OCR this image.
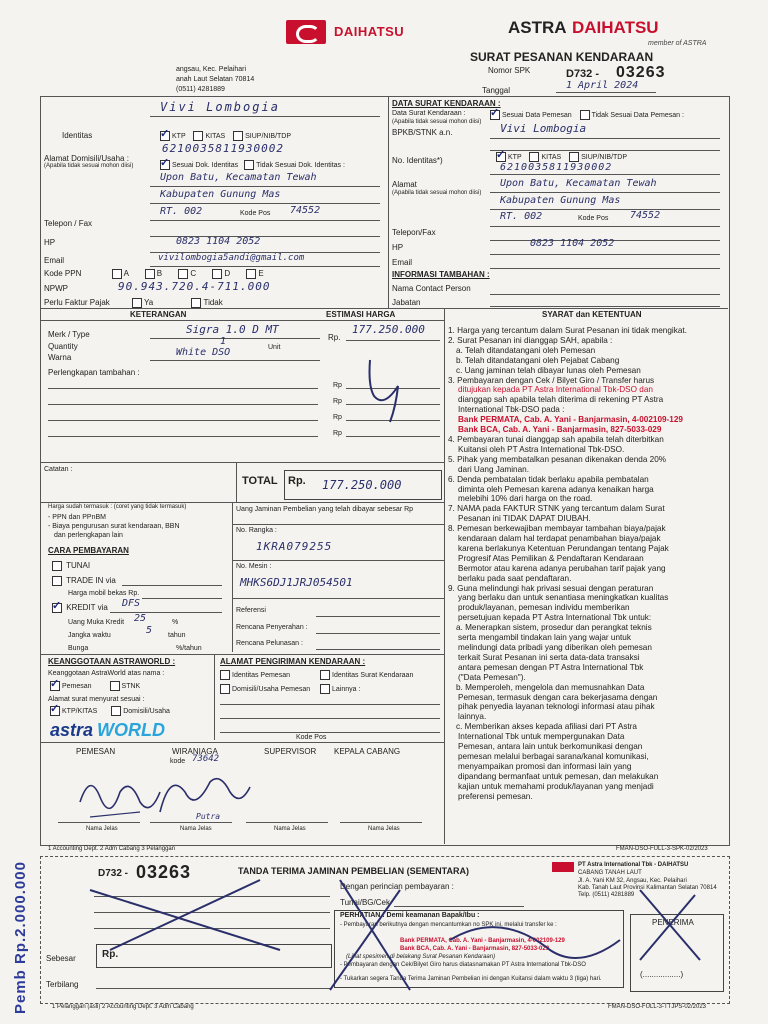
DAIHATSU	ASTRA DAIHATSU
member of ASTRA
SURAT PESANAN KENDARAAN
Nomor SPK	D732 - 03263
Tanggal	1 April 2024
angsau, Kec. Pelaihari
anah Laut Selatan 70814
(0511) 4281889
Vivi Lombogia
Identitas ✓	KTP	KITAS	SIUP/NIB/TDP
6210035811930002
Alamat Domisili/Usaha :
(Apabila tidak sesuai mohon diisi) ✓	Sesuai Dok. Identitas	Tidak Sesuai Dok. Identitas :
Upon Batu, Kecamatan Tewah
Kabupaten Gunung Mas
RT. 002	Kode Pos 74552
Telepon / Fax
HP	0823 1104 2052
Email	vivilombogia5andi@gmail.com
Kode PPN	A	B	C	D	E
NPWP	90.943.720.4-711.000
Perlu Faktur Pajak	Ya	Tidak
DATA SURAT KENDARAAN :
Data Surat Kendaraan :
(Apabila tidak sesuai mohon diisi)
✓Sesuai Data Pemesan	Tidak Sesuai Data Pemesan :
BPKB/STNK a.n.	Vivi Lombogia
No. Identitas*) ✓	KTP	KITAS	SIUP/NIB/TDP
6210035811930002
Alamat
(Apabila tidak sesuai mohon diisi)
Upon Batu, Kecamatan Tewah
Kabupaten Gunung Mas
RT. 002	Kode Pos 74552
Telepon/Fax
HP	0823 1104 2052
Email
INFORMASI TAMBAHAN :
Nama Contact Person
Jabatan
KETERANGAN	ESTIMASI HARGA	SYARAT dan KETENTUAN
Merk / Type	Sigra 1.0 D MT
Rp.
177.250.000
Quantity	1
Unit
Warna	White DSO
Perlengkapan tambahan :
Rp
Rp
Rp
Rp
Catatan :
TOTAL Rp. 177.250.000
Harga sudah termasuk : (coret yang tidak termasuk)
- PPN dan PPnBM
- Biaya pengurusan surat kendaraan, BBN
dan perlengkapan lain
Uang Jaminan Pembelian yang telah dibayar sebesar Rp
No. Rangka :
1KRA079255
No. Mesin :
MHKS6DJ1JRJ054501
Referensi
Rencana Penyerahan :
Rencana Pelunasan :
CARA PEMBAYARAN
TUNAI
TRADE IN via
Harga mobil bekas Rp.
✓ KREDIT via DFS
Uang Muka Kredit 25	%
Jangka waktu	5 tahun
Bunga	%/tahun
KEANGGOTAAN ASTRAWORLD :
Keanggotaan AstraWorld atas nama :
✓Pemesan	STNK
Alamat surat menyurat sesuai :
✓KTP/KITAS	Domisili/Usaha
astra WORLD
ALAMAT PENGIRIMAN KENDARAAN :
Identitas Pemesan	Identitas Surat Kendaraan
Domisili/Usaha Pemesan	Lainnya :
Kode Pos
PEMESAN	WIRANIAGA
kode 73642
SUPERVISOR KEPALA CABANG
Putra
Nama Jelas	Nama Jelas	Nama Jelas	Nama Jelas
1. Harga yang tercantum dalam Surat Pesanan ini tidak mengikat.
2. Surat Pesanan ini dianggap SAH, apabila :
a. Telah ditandatangani oleh Pemesan
b. Telah ditandatangani oleh Pejabat Cabang
c. Uang jaminan telah dibayar lunas oleh Pemesan
3. Pembayaran dengan Cek / Bilyet Giro / Transfer harus
ditujukan kepada PT Astra International Tbk-DSO dan
dianggap sah apabila telah diterima di rekening PT Astra
International Tbk-DSO pada :
Bank PERMATA, Cab. A. Yani - Banjarmasin, 4-002109-129
Bank BCA, Cab. A. Yani - Banjarmasin, 827-5033-029
4. Pembayaran tunai dianggap sah apabila telah diterbitkan
Kuitansi oleh PT Astra International Tbk-DSO.
5. Pihak yang membatalkan pesanan dikenakan denda 20%
dari Uang Jaminan.
6. Denda pembatalan tidak berlaku apabila pembatalan
diminta oleh Pemesan karena adanya kenaikan harga
melebihi 10% dari harga on the road.
7. NAMA pada FAKTUR STNK yang tercantum dalam Surat
Pesanan ini TIDAK DAPAT DIUBAH.
8. Pemesan berkewajiban membayar tambahan biaya/pajak
kendaraan dalam hal terdapat penambahan biaya/pajak
karena berlakunya Ketentuan Perundangan tentang Pajak
Progresif Atas Pemilikan & Pendaftaran Kendaraan
Bermotor atau karena adanya perubahan tarif pajak yang
berlaku pada saat pendaftaran.
9. Guna melindungi hak privasi sesuai dengan peraturan
yang berlaku dan untuk senantiasa meningkatkan kualitas
produk/layanan, pemesan individu memberikan
persetujuan kepada PT Astra International Tbk untuk:
a. Menerapkan sistem, prosedur dan perangkat teknis
serta mengambil tindakan lain yang wajar untuk
melindungi data pribadi yang diberikan oleh pemesan
terkait Surat Pesanan ini serta data-data transaksi
antara pemesan dengan PT Astra International Tbk
("Data Pemesan").
b. Memperoleh, mengelola dan memusnahkan Data
Pemesan, termasuk dengan cara bekerjasama dengan
pihak penyedia layanan teknologi informasi atau pihak
lainnya.
c. Memberikan akses kepada afiliasi dari PT Astra
International Tbk untuk mempergunakan Data
Pemesan, antara lain untuk berkomunikasi dengan
pemesan melalui berbagai sarana/kanal komunikasi,
menyampaikan promosi dan informasi lain yang
dipandang bermanfaat untuk pemesan, dan melakukan
kajian untuk memahami produk/layanan yang menjadi
preferensi pemesan.
1 Accounting Dept. 2 Adm Cabang 3 Pelanggan	FMAN-DSO-FULL-3-SPK-02/2023
D732 - 03263	TANDA TERIMA JAMINAN PEMBELIAN (SEMENTARA)
PT Astra International Tbk - DAIHATSU
CABANG TANAH LAUT
Jl. A. Yani KM 32, Angsau, Kec. Pelaihari
Kab. Tanah Laut Provinsi Kalimantan Selatan 70814
Telp. (0511) 4281889
Dengan perincian pembayaran :
Tunai/BG/Cek
PERHATIAN ! Demi keamanan Bapak/Ibu :
- Pembayaran berikutnya dengan mencantumkan no SPK ini, melalui transfer ke :
Bank PERMATA, Cab. A. Yani - Banjarmasin, 4-002109-129
Bank BCA, Cab. A. Yani - Banjarmasin, 827-5033-029
(Lihat spesimen di belakang Surat Pesanan Kendaraan)
- Pembayaran dengan Cek/Bilyet Giro harus diatasnamakan PT Astra International Tbk-DSO
- Tukarkan segera Tanda Terima Jaminan Pembelian ini dengan Kuitansi dalam waktu 3 (tiga) hari.
PENERIMA
(.................)
Sebesar	Rp.
Terbilang
Pemb Rp.2.000.000	1 Pelanggan (asli) 2 Accounting Dept. 3 Adm Cabang	FMAN-DSO-FULL-3-TTJPS-02/2023
